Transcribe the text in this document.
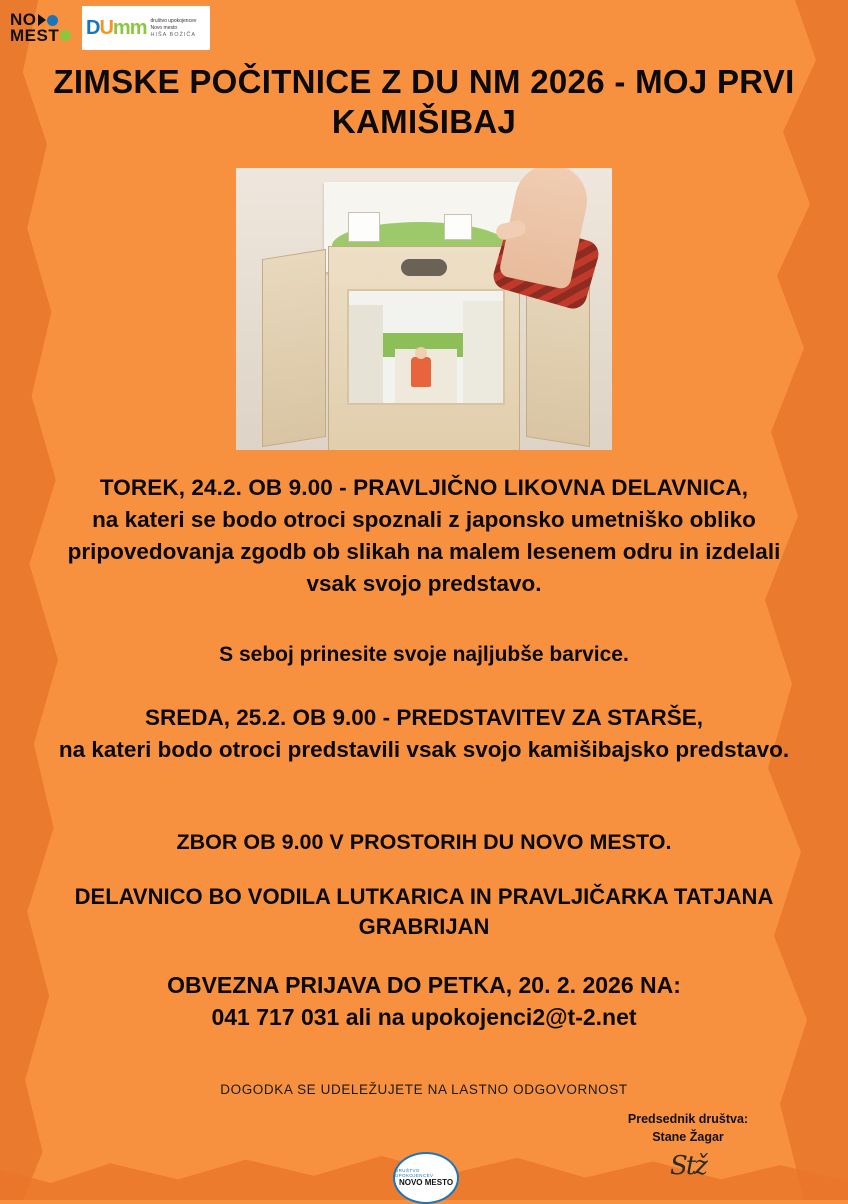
NO
MEST DUmm društvo upokojencev Novo mesto
HIŠA BOŽIČA
ZIMSKE POČITNICE Z DU NM 2026 - MOJ PRVI KAMIŠIBAJ
TOREK, 24.2. OB 9.00 - PRAVLJIČNO LIKOVNA DELAVNICA,
na kateri se bodo otroci spoznali z japonsko umetniško obliko pripovedovanja zgodb ob slikah na malem lesenem odru in izdelali vsak svojo predstavo.
S seboj prinesite svoje najljubše barvice.
SREDA, 25.2. OB 9.00 - PREDSTAVITEV ZA STARŠE,
na kateri bodo otroci predstavili vsak svojo kamišibajsko predstavo.
ZBOR OB 9.00 V PROSTORIH DU NOVO MESTO.
DELAVNICO BO VODILA LUTKARICA IN PRAVLJIČARKA TATJANA GRABRIJAN
OBVEZNA PRIJAVA DO PETKA, 20. 2. 2026 NA:
041 717 031 ali na upokojenci2@t-2.net
DOGODKA SE UDELEŽUJETE NA LASTNO ODGOVORNOST
Predsednik društva:
Stane Žagar
Stž
DRUŠTVO UPOKOJENCEV
NOVO MESTO
